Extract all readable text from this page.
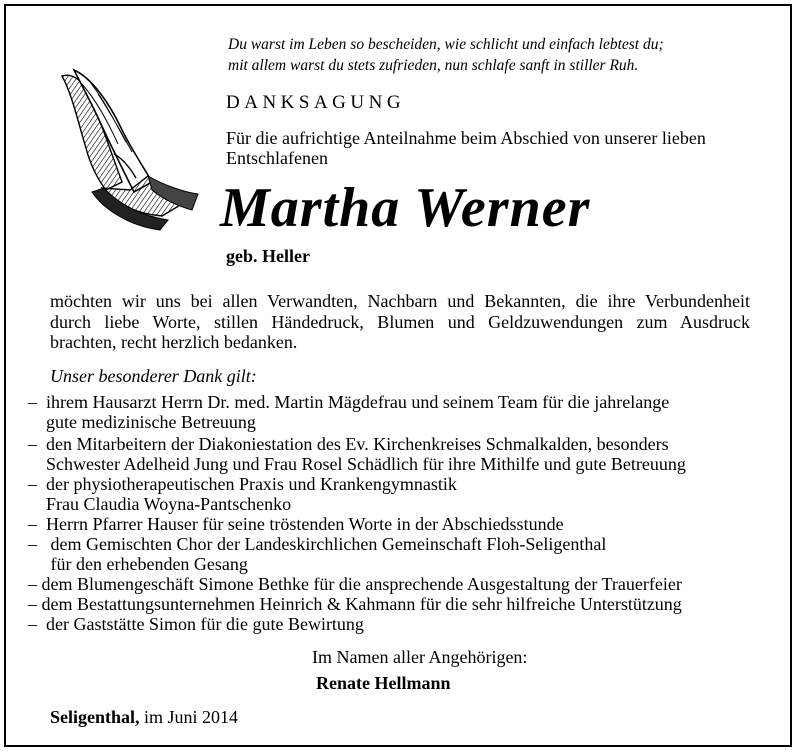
Du warst im Leben so bescheiden, wie schlicht und einfach lebtest du;
mit allem warst du stets zufrieden, nun schlafe sanft in stiller Ruh.
DANKSAGUNG
Für die aufrichtige Anteilnahme beim Abschied von unserer lieben
Entschlafenen
Martha Werner
geb. Heller
möchten wir uns bei allen Verwandten, Nachbarn und Bekannten, die ihre Verbundenheit
durch liebe Worte, stillen Händedruck, Blumen und Geldzuwendungen zum Ausdruck
brachten, recht herzlich bedanken.
Unser besonderer Dank gilt:
–  ihrem Hausarzt Herrn Dr. med. Martin Mägdefrau und seinem Team für die jahrelange
gute medizinische Betreuung
–  den Mitarbeitern der Diakoniestation des Ev. Kirchenkreises Schmalkalden, besonders
Schwester Adelheid Jung und Frau Rosel Schädlich für ihre Mithilfe und gute Betreuung
–  der physiotherapeutischen Praxis und Krankengymnastik
Frau Claudia Woyna-Pantschenko
–  Herrn Pfarrer Hauser für seine tröstenden Worte in der Abschiedsstunde
–   dem Gemischten Chor der Landeskirchlichen Gemeinschaft Floh-Seligenthal
für den erhebenden Gesang
– dem Blumengeschäft Simone Bethke für die ansprechende Ausgestaltung der Trauerfeier
– dem Bestattungsunternehmen Heinrich & Kahmann für die sehr hilfreiche Unterstützung
–  der Gaststätte Simon für die gute Bewirtung
Im Namen aller Angehörigen:
Renate Hellmann
Seligenthal, im Juni 2014
